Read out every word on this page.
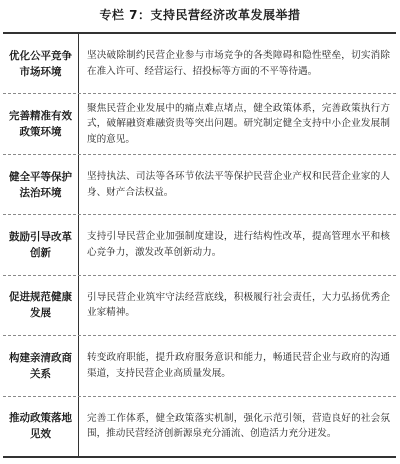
专栏 7：支持民营经济改革发展举措
优化公平竞争市场环境
坚决破除制约民营企业参与市场竞争的各类障碍和隐性壁垒，切实消除在准入许可、经营运行、招投标等方面的不平等待遇。
完善精准有效政策环境
聚焦民营企业发展中的痛点难点堵点，健全政策体系，完善政策执行方式，破解融资难融资贵等突出问题。研究制定健全支持中小企业发展制度的意见。
健全平等保护法治环境
坚持执法、司法等各环节依法平等保护民营企业产权和民营企业家的人身、财产合法权益。
鼓励引导改革创新
支持引导民营企业加强制度建设，进行结构性改革，提高管理水平和核心竞争力，激发改革创新动力。
促进规范健康发展
引导民营企业筑牢守法经营底线，积极履行社会责任，大力弘扬优秀企业家精神。
构建亲清政商关系
转变政府职能，提升政府服务意识和能力，畅通民营企业与政府的沟通渠道，支持民营企业高质量发展。
推动政策落地见效
完善工作体系，健全政策落实机制，强化示范引领，营造良好的社会氛围，推动民营经济创新源泉充分涌流、创造活力充分迸发。
